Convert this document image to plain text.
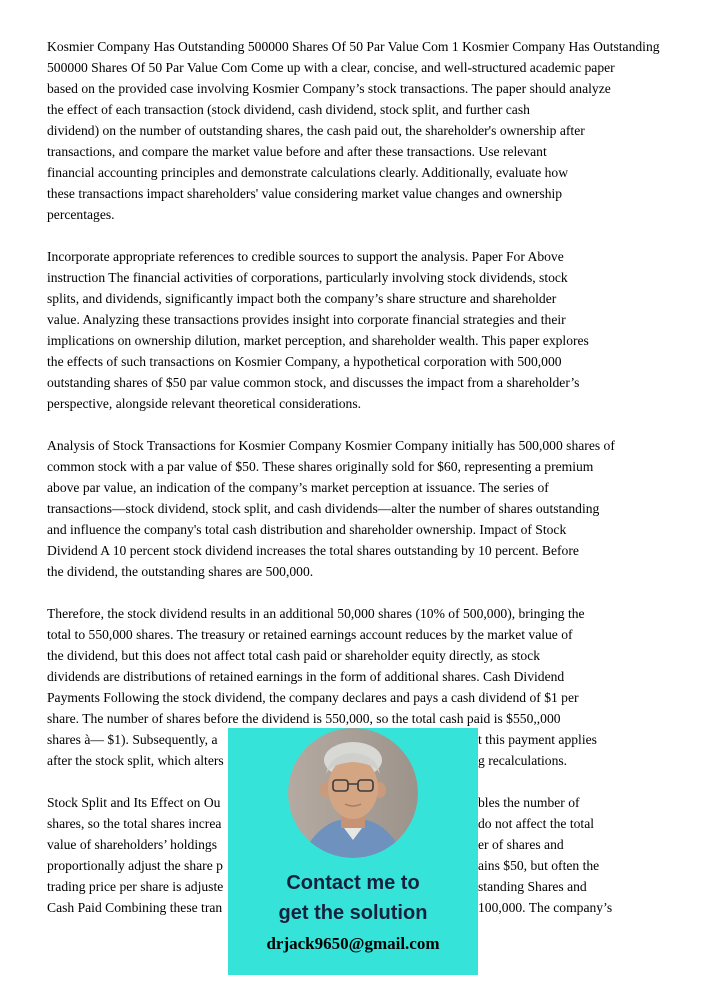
Kosmier Company Has Outstanding 500000 Shares Of 50 Par Value Com 1 Kosmier Company Has Outstanding
500000 Shares Of 50 Par Value Com Come up with a clear, concise, and well-structured academic paper
based on the provided case involving Kosmier Company’s stock transactions. The paper should analyze
the effect of each transaction (stock dividend, cash dividend, stock split, and further cash
dividend) on the number of outstanding shares, the cash paid out, the shareholder's ownership after
transactions, and compare the market value before and after these transactions. Use relevant
financial accounting principles and demonstrate calculations clearly. Additionally, evaluate how
these transactions impact shareholders' value considering market value changes and ownership
percentages.
Incorporate appropriate references to credible sources to support the analysis. Paper For Above
instruction The financial activities of corporations, particularly involving stock dividends, stock
splits, and dividends, significantly impact both the company’s share structure and shareholder
value. Analyzing these transactions provides insight into corporate financial strategies and their
implications on ownership dilution, market perception, and shareholder wealth. This paper explores
the effects of such transactions on Kosmier Company, a hypothetical corporation with 500,000
outstanding shares of $50 par value common stock, and discusses the impact from a shareholder’s
perspective, alongside relevant theoretical considerations.
Analysis of Stock Transactions for Kosmier Company Kosmier Company initially has 500,000 shares of
common stock with a par value of $50. These shares originally sold for $60, representing a premium
above par value, an indication of the company’s market perception at issuance. The series of
transactions—stock dividend, stock split, and cash dividends—alter the number of shares outstanding
and influence the company's total cash distribution and shareholder ownership. Impact of Stock
Dividend A 10 percent stock dividend increases the total shares outstanding by 10 percent. Before
the dividend, the outstanding shares are 500,000.
Therefore, the stock dividend results in an additional 50,000 shares (10% of 500,000), bringing the
total to 550,000 shares. The treasury or retained earnings account reduces by the market value of
the dividend, but this does not affect total cash paid or shareholder equity directly, as stock
dividends are distributions of retained earnings in the form of additional shares. Cash Dividend
Payments Following the stock dividend, the company declares and pays a cash dividend of $1 per
share. The number of shares before the dividend is 550,000, so the total cash paid is $550,,000
shares à— $1). Subsequently, a	t this payment applies
after the stock split, which alters	g recalculations.
Stock Split and Its Effect on Ou	bles the number of
shares, so the total shares increa	do not affect the total
value of shareholders’ holdings	er of shares and
proportionally adjust the share p	ains $50, but often the
trading price per share is adjuste	standing Shares and
Cash Paid Combining these tran	100,000. The company’s
Contact me to
get the solution
drjack9650@gmail.com
